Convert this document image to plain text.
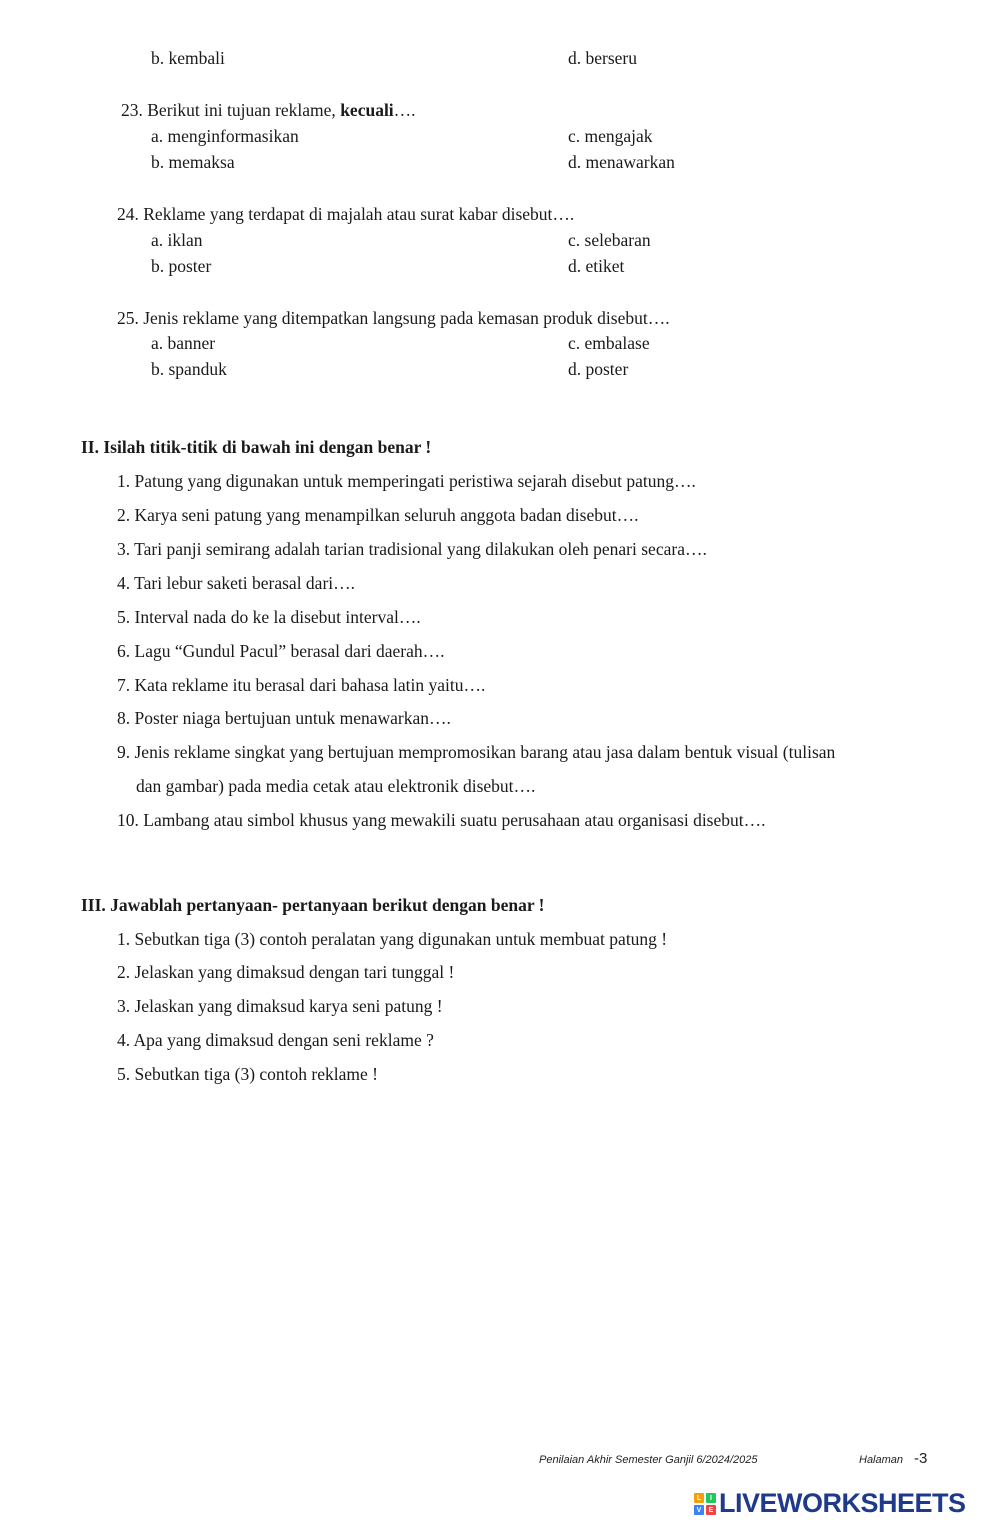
b. kembali	d. berseru
23. Berikut ini tujuan reklame, kecuali….
a. menginformasikan	c. mengajak
b. memaksa	d. menawarkan
24. Reklame yang terdapat di majalah atau surat kabar disebut….
a. iklan	c. selebaran
b. poster	d. etiket
25. Jenis reklame yang ditempatkan langsung pada kemasan produk disebut….
a. banner	c. embalase
b. spanduk	d. poster
II. Isilah titik-titik di bawah ini dengan benar !
1. Patung yang digunakan untuk memperingati peristiwa sejarah disebut patung….
2. Karya seni patung yang menampilkan seluruh anggota badan disebut….
3. Tari panji semirang adalah tarian tradisional yang dilakukan oleh penari secara….
4. Tari lebur saketi berasal dari….
5. Interval nada do ke la disebut interval….
6. Lagu “Gundul Pacul” berasal dari daerah….
7. Kata reklame itu berasal dari bahasa latin yaitu….
8. Poster niaga bertujuan untuk menawarkan….
9. Jenis reklame singkat yang bertujuan mempromosikan barang atau jasa dalam bentuk visual (tulisan
dan gambar) pada media cetak atau elektronik disebut….
10. Lambang atau simbol khusus yang mewakili suatu perusahaan atau organisasi disebut….
III. Jawablah pertanyaan- pertanyaan berikut dengan benar !
1. Sebutkan tiga (3) contoh peralatan yang digunakan untuk membuat patung !
2. Jelaskan yang dimaksud dengan tari tunggal !
3. Jelaskan yang dimaksud karya seni patung !
4. Apa yang dimaksud dengan seni reklame ?
5. Sebutkan tiga (3) contoh reklame !
Penilaian Akhir Semester Ganjil 6/2024/2025	Halaman -3
L	I
V	E LIVEWORKSHEETS
